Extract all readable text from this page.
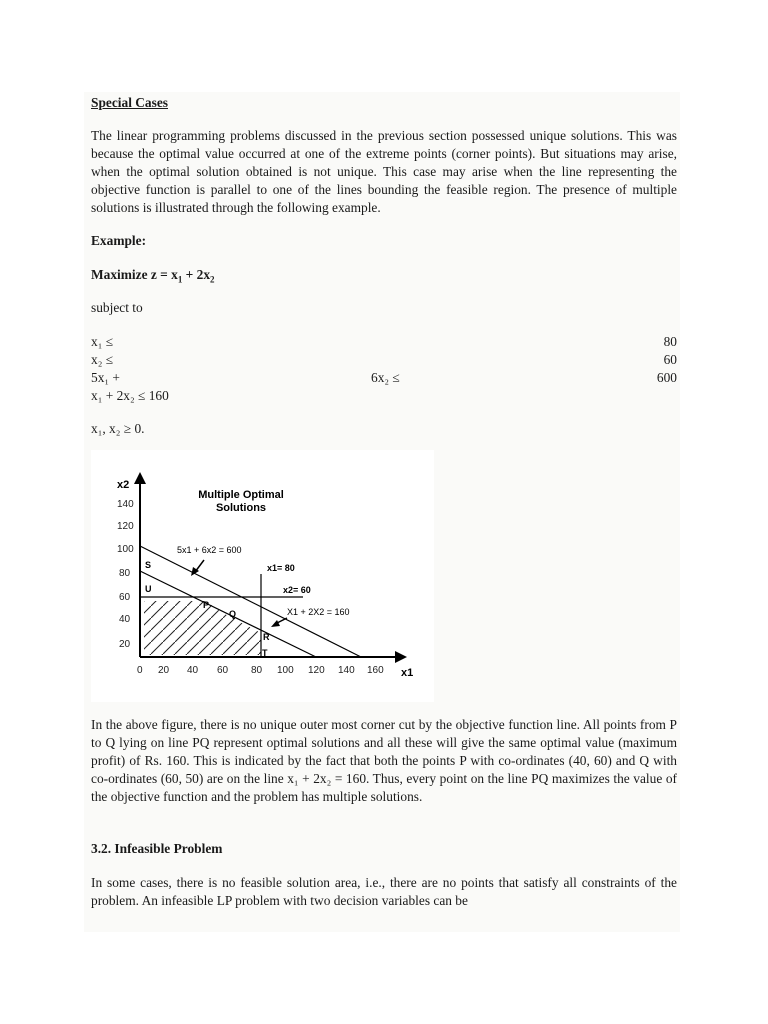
Special Cases

The linear programming problems discussed in the previous section possessed unique solutions. This was because the optimal value occurred at one of the extreme points (corner points). But situations may arise, when the optimal solution obtained is not unique. This case may arise when the line representing the objective function is parallel to one of the lines bounding the feasible region. The presence of multiple solutions is illustrated through the following example.

Example:

Maximize $z = x_1 + 2x_2$

subject to

x₁ ≤	80
x₂ ≤	60
5x₁ +	6x₂ ≤	600
x₁ + 2x₂ ≤ 160

x₁, x₂ ≥ 0.

In the above figure, there is no unique outer most corner cut by the objective function line. All points from P to Q lying on line PQ represent optimal solutions and all these will give the same optimal value (maximum profit) of Rs. 160. This is indicated by the fact that both the points P with co-ordinates (40, 60) and Q with co-ordinates (60, 50) are on the line x₁ + 2x₂ = 160. Thus, every point on the line PQ maximizes the value of the objective function and the problem has multiple solutions.

3.2. Infeasible Problem

In some cases, there is no feasible solution area, i.e., there are no points that satisfy all constraints of the problem. An infeasible LP problem with two decision variables can be

x2
x1
20
40
60
80
100
120
140
0 20 40 60 80 100 120 140 160
Multiple Optimal
Solutions
5x1 + 6x2 = 600
x1= 80
x2= 60
X1 + 2X2 = 160
S
U
P
Q
R
T
